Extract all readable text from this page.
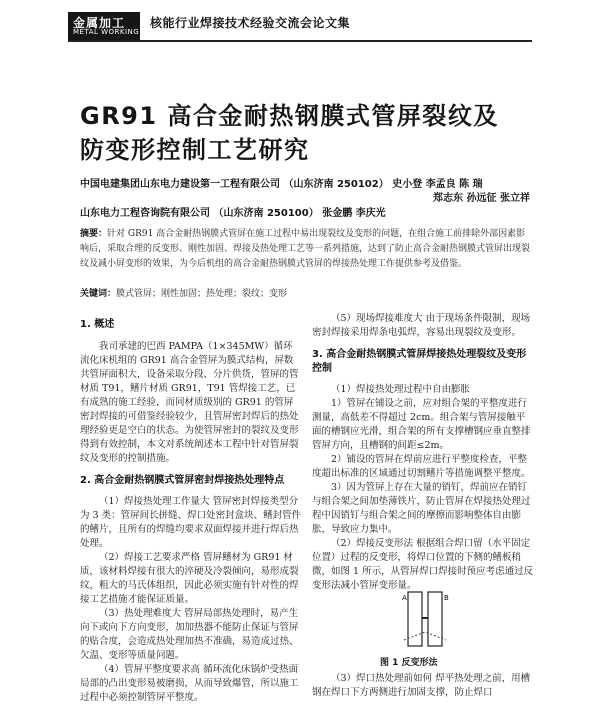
金属加工
METAL WORKING
核能行业焊接技术经验交流会论文集
GR91 高合金耐热钢膜式管屏裂纹及
防变形控制工艺研究
中国电建集团山东电力建设第一工程有限公司 （山东济南 250102） 史小登 李孟良 陈 瑞
郑志东 孙远征 张立祥
山东电力工程咨询院有限公司 （山东济南 250100） 张金鹏 李庆光
摘要：针对 GR91 高合金耐热钢膜式管屏在施工过程中易出现裂纹及变形的问题，在组合施工前排除外部因素影响后，采取合理的反变形、刚性加固、焊接及热处理工艺等一系列措施，达到了防止高合金耐热钢膜式管屏出现裂纹及减小屏变形的效果，为今后机组的高合金耐热钢膜式管屏的焊接热处理工作提供参考及借鉴。
关键词：膜式管屏；刚性加固；热处理；裂纹；变形
1. 概述

我司承建的巴西 PAMPA（1×345MW）循环流化床机组的 GR91 高合金管屏为膜式结构，屏数共管屏面积大，设备采取分段、分片供货，管屏的管材质 T91，鳍片材质 GR91，T91 管焊接工艺，已有成熟的施工经验，而同材质级别的 GR91 的管屏密封焊接的可借鉴经验较少，且管屏密封焊后的热处理经验更是空白的状态。为使管屏密封的裂纹及变形得到有效控制，本文对系统阐述本工程中针对管屏裂纹及变形的控制措施。

2. 高合金耐热钢膜式管屏密封焊接热处理特点

（1）焊接热处理工作量大 管屏密封焊接类型分为 3 类：管屏间长拼缝、焊口处密封盒块、鳍封管件的鳍片，且所有的焊缝均要求双面焊接并进行焊后热处理。

（2）焊接工艺要求严格 管屏鳍材为 GR91 材质，该材料焊接有很大的淬硬及冷裂倾向，易形成裂纹，粗大的马氏体组织，因此必须实施有针对性的焊接工艺措施才能保证质量。

（3）热处理难度大 管屏局部热处理时，易产生向下或向下方向变形，加加热器不能防止保证与管屏的贴合度，会造成热处理加热不准确，易造成过热、欠温、变形等质量问题。

（4）管屏平整度要求高 循环流化床锅炉受热面局部的凸出变形易被磨损，从而导致爆管，所以施工过程中必须控制管屏平整度。

（5）现场焊接难度大 由于现场条件限制，现场密封焊接采用焊条电弧焊，容易出现裂纹及变形。

3. 高合金耐热钢膜式管屏焊接热处理裂纹及变形控制

（1）焊接热处理过程中自由膨胀

1）管屏在铺设之前，应对组合架的平整度进行测量，高低差不得超过 2cm。组合架与管屏接触平面的槽钢应光滑，组合架的所有支撑槽钢应垂直整排管屏方向，且槽钢的间距≤2m。

2）铺设的管屏在焊前应进行平整度检查，平整度超出标准的区域通过切割鳍片等措施调整平整度。

3）因为管屏上存在大量的销钉，焊前应在销钉与组合架之间加垫薄铁片，防止管屏在焊接热处理过程中因销钉与组合架之间的摩擦而影响整体自由膨胀，导致应力集中。

（2）焊接反变形法 根据组合焊口留（水平固定位置）过程的反变形，将焊口位置的下侧的鳍板稍微，如图 1 所示，从管屏焊口焊接时预应考虑通过反变形法减小管屏变形量。

A	B
图 1 反变形法

（3）焊口热处理前如何 焊平热处理之前，用槽钢在焊口下方两侧进行加固支撑，防止焊口
